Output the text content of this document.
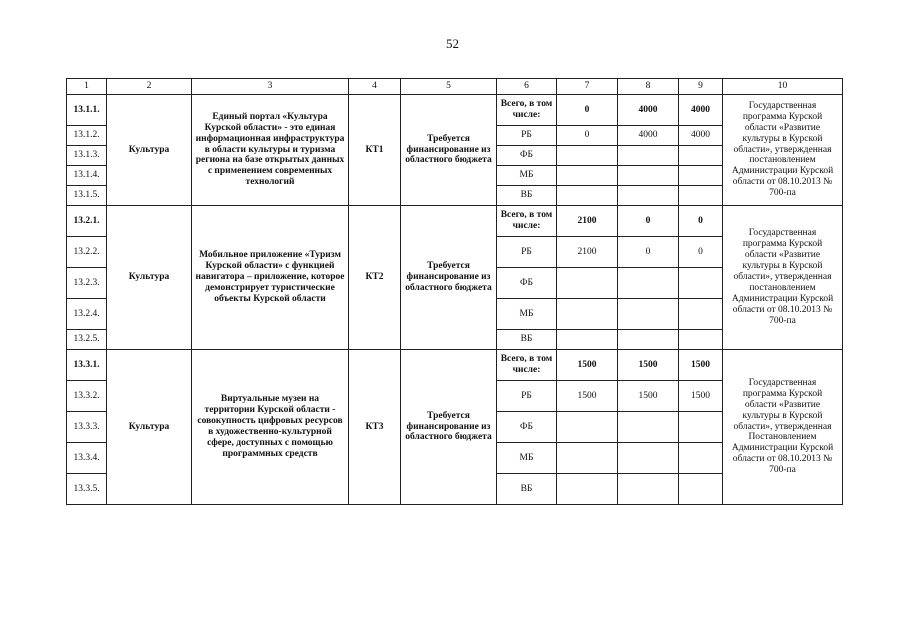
52
1	2	3	4	5	6	7	8	9	10
13.1.1.	Культура	Единый портал «Культура Курской области» - это единая информационная инфраструктура в области культуры и туризма региона на базе открытых данных с применением современных технологий	КТ1	Требуется финансирование из областного бюджета	Всего, в том числе:	0	4000	4000	Государственная программа Курской области «Развитие культуры в Курской области», утвержденная постановлением Администрации Курской области от 08.10.2013 № 700-па
13.1.2.					РБ	0	4000	4000	
13.1.3.					ФБ				
13.1.4.					МБ				
13.1.5.					ВБ				
13.2.1.	Культура	Мобильное приложение «Туризм Курской области» с функцией навигатора – приложение, которое демонстрирует туристические объекты Курской области	КТ2	Требуется финансирование из областного бюджета	Всего, в том числе:	2100	0	0	Государственная программа Курской области «Развитие культуры в Курской области», утвержденная постановлением Администрации Курской области от 08.10.2013 № 700-па
13.2.2.					РБ	2100	0	0	
13.2.3.					ФБ				
13.2.4.					МБ				
13.2.5.					ВБ				
13.3.1.	Культура	Виртуальные музеи на территории Курской области - совокупность цифровых ресурсов в художественно-культурной сфере, доступных с помощью программных средств	КТ3	Требуется финансирование из областного бюджета	Всего, в том числе:	1500	1500	1500	Государственная программа Курской области «Развитие культуры в Курской области», утвержденная Постановлением Администрации Курской области от 08.10.2013 № 700-па
13.3.2.					РБ	1500	1500	1500	
13.3.3.					ФБ				
13.3.4.					МБ				
13.3.5.					ВБ				
